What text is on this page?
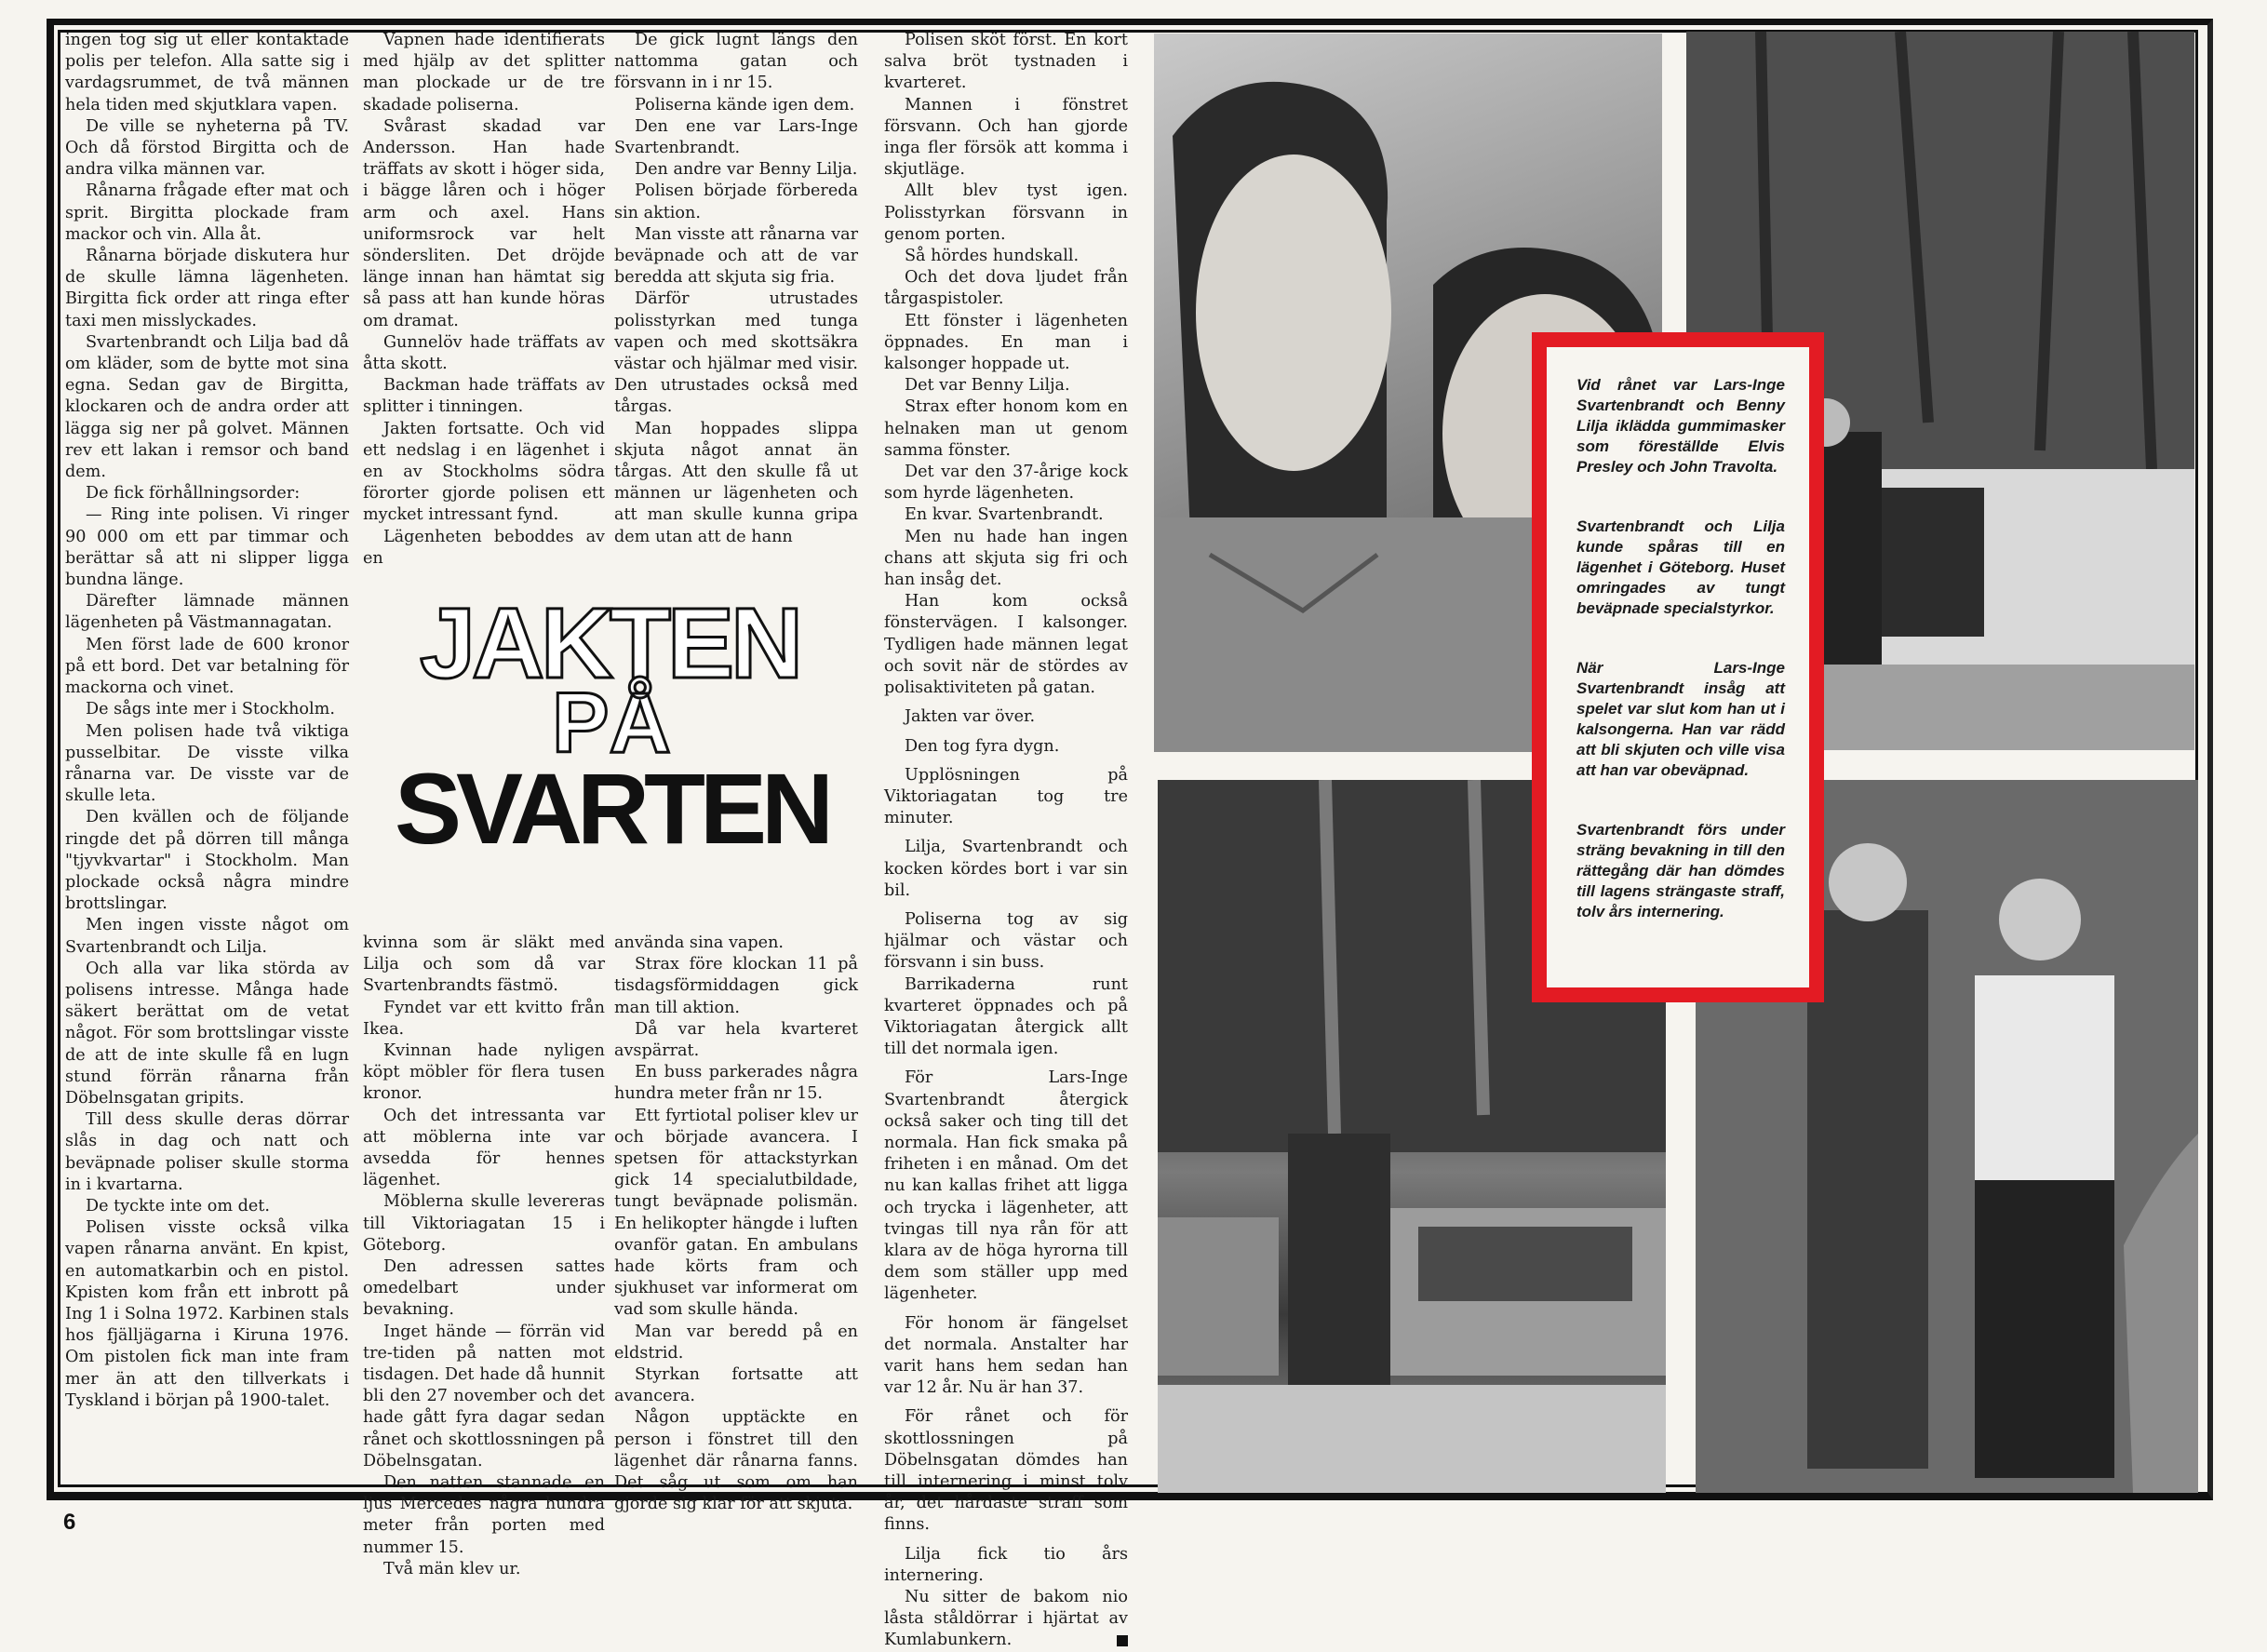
ingen tog sig ut eller kontaktade polis per telefon. Alla satte sig i vardagsrummet, de två männen hela tiden med skjutklara vapen.

De ville se nyheterna på TV. Och då förstod Birgitta och de andra vilka männen var.

Rånarna frågade efter mat och sprit. Birgitta plockade fram mackor och vin. Alla åt.

Rånarna började diskutera hur de skulle lämna lägenheten. Birgitta fick order att ringa efter taxi men misslyckades.

Svartenbrandt och Lilja bad då om kläder, som de bytte mot sina egna. Sedan gav de Birgitta, klockaren och de andra order att lägga sig ner på golvet. Männen rev ett lakan i remsor och band dem.

De fick förhållningsorder:

— Ring inte polisen. Vi ringer 90 000 om ett par timmar och berättar så att ni slipper ligga bundna länge.

Därefter lämnade männen lägenheten på Västmannagatan.

Men först lade de 600 kronor på ett bord. Det var betalning för mackorna och vinet.

De sågs inte mer i Stockholm.

Men polisen hade två viktiga pusselbitar. De visste vilka rånarna var. De visste var de skulle leta.

Den kvällen och de följande ringde det på dörren till många "tjyvkvartar" i Stockholm. Man plockade också några mindre brottslingar.

Men ingen visste något om Svartenbrandt och Lilja.

Och alla var lika störda av polisens intresse. Många hade säkert berättat om de vetat något. För som brottslingar visste de att de inte skulle få en lugn stund förrän rånarna från Döbelnsgatan gripits.

Till dess skulle deras dörrar slås in dag och natt och beväpnade poliser skulle storma in i kvartarna.

De tyckte inte om det.

Polisen visste också vilka vapen rånarna använt. En kpist, en automatkarbin och en pistol. Kpisten kom från ett inbrott på Ing 1 i Solna 1972. Karbinen stals hos fjälljägarna i Kiruna 1976. Om pistolen fick man inte fram mer än att den tillverkats i Tyskland i början på 1900-talet.

Vapnen hade identifierats med hjälp av det splitter man plockade ur de tre skadade poliserna.

Svårast skadad var Andersson. Han hade träffats av skott i höger sida, i bägge låren och i höger arm och axel. Hans uniformsrock var helt söndersliten. Det dröjde länge innan han hämtat sig så pass att han kunde höras om dramat.

Gunnelöv hade träffats av åtta skott.

Backman hade träffats av splitter i tinningen.

Jakten fortsatte. Och vid ett nedslag i en lägenhet i en av Stockholms södra förorter gjorde polisen ett mycket intressant fynd.

Lägenheten beboddes av en

kvinna som är släkt med Lilja och som då var Svartenbrandts fästmö.

Fyndet var ett kvitto från Ikea.

Kvinnan hade nyligen köpt möbler för flera tusen kronor.

Och det intressanta var att möblerna inte var avsedda för hennes lägenhet.

Möblerna skulle levereras till Viktoriagatan 15 i Göteborg.

Den adressen sattes omedelbart under bevakning.

Inget hände — förrän vid tre-tiden på natten mot tisdagen. Det hade då hunnit bli den 27 november och det hade gått fyra dagar sedan rånet och skottlossningen på Döbelnsgatan.

Den natten stannade en ljus Mercedes några hundra meter från porten med nummer 15.

Två män klev ur.

De gick lugnt längs den nattomma gatan och försvann in i nr 15.

Poliserna kände igen dem.

Den ene var Lars-Inge Svartenbrandt.

Den andre var Benny Lilja.

Polisen började förbereda sin aktion.

Man visste att rånarna var beväpnade och att de var beredda att skjuta sig fria.

Därför utrustades polisstyrkan med tunga vapen och med skottsäkra västar och hjälmar med visir. Den utrustades också med tårgas.

Man hoppades slippa skjuta något annat än tårgas. Att den skulle få ut männen ur lägenheten och att man skulle kunna gripa dem utan att de hann

använda sina vapen.

Strax före klockan 11 på tisdagsförmiddagen gick man till aktion.

Då var hela kvarteret avspärrat.

En buss parkerades några hundra meter från nr 15.

Ett fyrtiotal poliser klev ur och började avancera. I spetsen för attackstyrkan gick 14 specialutbildade, tungt beväpnade polismän. En helikopter hängde i luften ovanför gatan. En ambulans hade körts fram och sjukhuset var informerat om vad som skulle hända.

Man var beredd på en eldstrid.

Styrkan fortsatte att avancera.

Någon upptäckte en person i fönstret till den lägenhet där rånarna fanns. Det såg ut som om han gjorde sig klar för att skjuta.

Polisen sköt först. En kort salva bröt tystnaden i kvarteret.

Mannen i fönstret försvann. Och han gjorde inga fler försök att komma i skjutläge.

Allt blev tyst igen. Polisstyrkan försvann in genom porten.

Så hördes hundskall.

Och det dova ljudet från tårgaspistoler.

Ett fönster i lägenheten öppnades. En man i kalsonger hoppade ut.

Det var Benny Lilja.

Strax efter honom kom en helnaken man ut genom samma fönster.

Det var den 37-årige kock som hyrde lägenheten.

En kvar. Svartenbrandt.

Men nu hade han ingen chans att skjuta sig fri och han insåg det.

Han kom också fönstervägen. I kalsonger. Tydligen hade männen legat och sovit när de stördes av polisaktiviteten på gatan.

Jakten var över.

Den tog fyra dygn.

Upplösningen på Viktoriagatan tog tre minuter.

Lilja, Svartenbrandt och kocken kördes bort i var sin bil.

Poliserna tog av sig hjälmar och västar och försvann i sin buss.

Barrikaderna runt kvarteret öppnades och på Viktoriagatan återgick allt till det normala igen.

För Lars-Inge Svartenbrandt återgick också saker och ting till det normala. Han fick smaka på friheten i en månad. Om det nu kan kallas frihet att ligga och trycka i lägenheter, att tvingas till nya rån för att klara av de höga hyrorna till dem som ställer upp med lägenheter.

För honom är fängelset det normala. Anstalter har varit hans hem sedan han var 12 år. Nu är han 37.

För rånet och för skottlossningen på Döbelnsgatan dömdes han till internering i minst tolv år, det hårdaste straff som finns.

Lilja fick tio års internering.

Nu sitter de bakom nio låsta ståldörrar i hjärtat av Kumlabunkern.

JAKTEN
PÅ
SVARTEN

Vid rånet var Lars-Inge Svartenbrandt och Benny Lilja iklädda gummimasker som föreställde Elvis Presley och John Travolta.

Svartenbrandt och Lilja kunde spåras till en lägenhet i Göteborg. Huset omringades av tungt beväpnade specialstyrkor.

När Lars-Inge Svartenbrandt insåg att spelet var slut kom han ut i kalsongerna. Han var rädd att bli skjuten och ville visa att han var obeväpnad.

Svartenbrandt förs under sträng bevakning in till den rättegång där han dömdes till lagens strängaste straff, tolv års internering.

6
